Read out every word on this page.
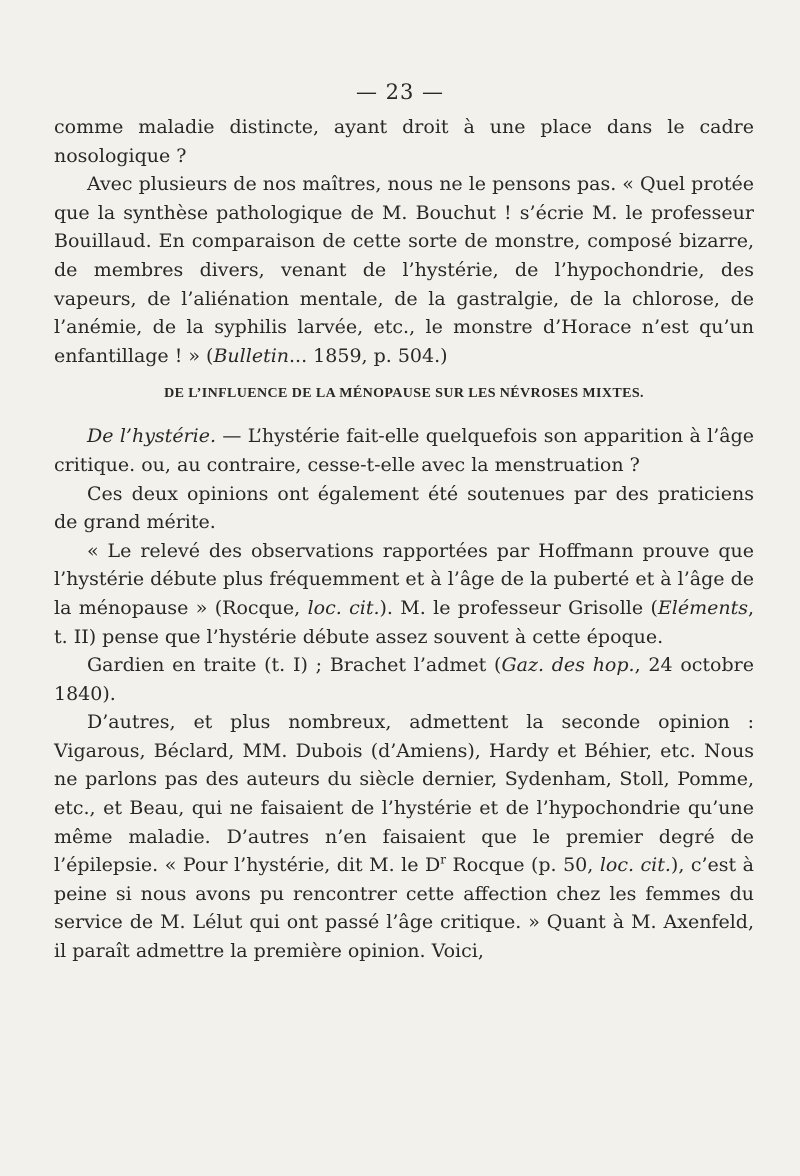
— 23 —

comme maladie distincte, ayant droit à une place dans le cadre nosologique ?

Avec plusieurs de nos maîtres, nous ne le pensons pas. « Quel protée que la synthèse pathologique de M. Bouchut ! s’écrie M. le professeur Bouillaud. En comparaison de cette sorte de monstre, composé bizarre, de membres divers, venant de l’hystérie, de l’hypochondrie, des vapeurs, de l’aliénation mentale, de la gastralgie, de la chlorose, de l’anémie, de la syphilis larvée, etc., le monstre d’Horace n’est qu’un enfantillage ! » (Bulletin... 1859, p. 504.)

DE L’INFLUENCE DE LA MÉNOPAUSE SUR LES NÉVROSES MIXTES.

De l’hystérie. — L’hystérie fait-elle quelquefois son apparition à l’âge critique. ou, au contraire, cesse-t-elle avec la menstruation ?

Ces deux opinions ont également été soutenues par des praticiens de grand mérite.

« Le relevé des observations rapportées par Hoffmann prouve que l’hystérie débute plus fréquemment et à l’âge de la puberté et à l’âge de la ménopause » (Rocque, loc. cit.). M. le professeur Grisolle (Eléments, t. II) pense que l’hystérie débute assez souvent à cette époque.

Gardien en traite (t. I) ; Brachet l’admet (Gaz. des hop., 24 octobre 1840).

D’autres, et plus nombreux, admettent la seconde opinion : Vigarous, Béclard, MM. Dubois (d’Amiens), Hardy et Béhier, etc. Nous ne parlons pas des auteurs du siècle dernier, Sydenham, Stoll, Pomme, etc., et Beau, qui ne faisaient de l’hystérie et de l’hypochondrie qu’une même maladie. D’autres n’en faisaient que le premier degré de l’épilepsie. « Pour l’hystérie, dit M. le $D^r$ Rocque (p. 50, loc. cit.), c’est à peine si nous avons pu rencontrer cette affection chez les femmes du service de M. Lélut qui ont passé l’âge critique. » Quant à M. Axenfeld, il paraît admettre la première opinion. Voici,
